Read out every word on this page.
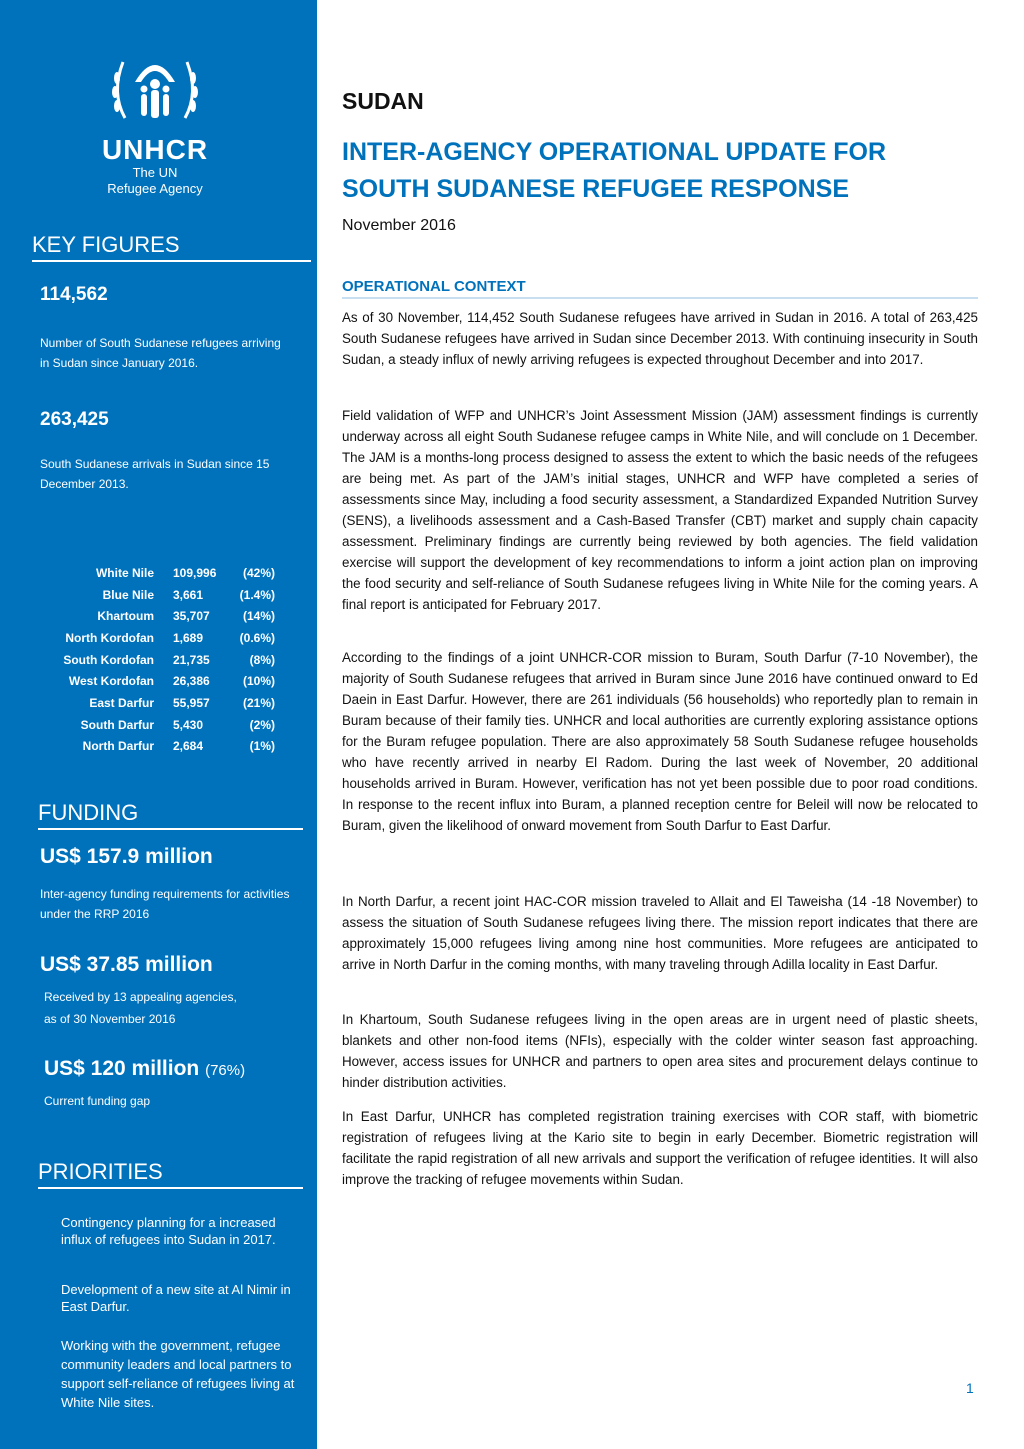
UNHCR
The UN
Refugee Agency
KEY FIGURES
114,562
Number of South Sudanese refugees arriving in Sudan since January 2016.
263,425
South Sudanese arrivals in Sudan since 15 December 2013.
White Nile	109,996	(42%)
Blue Nile	3,661	(1.4%)
Khartoum	35,707	(14%)
North Kordofan	1,689	(0.6%)
South Kordofan	21,735	(8%)
West Kordofan	26,386	(10%)
East Darfur	55,957	(21%)
South Darfur	5,430	(2%)
North Darfur	2,684	(1%)
FUNDING
US$ 157.9 million
Inter-agency funding requirements for activities under the RRP 2016
US$ 37.85 million
Received by 13 appealing agencies,
as of 30 November 2016
US$ 120 million (76%)
Current funding gap
PRIORITIES
Contingency planning for a increased influx of refugees into Sudan in 2017.
Development of a new site at Al Nimir in East Darfur.
Working with the government, refugee community leaders and local partners to support self-reliance of refugees living at White Nile sites.
SUDAN
INTER-AGENCY OPERATIONAL UPDATE FOR
SOUTH SUDANESE REFUGEE RESPONSE
November 2016
OPERATIONAL CONTEXT

As of 30 November, 114,452 South Sudanese refugees have arrived in Sudan in 2016. A total of 263,425 South Sudanese refugees have arrived in Sudan since December 2013. With continuing insecurity in South Sudan, a steady influx of newly arriving refugees is expected throughout December and into 2017.

Field validation of WFP and UNHCR’s Joint Assessment Mission (JAM) assessment findings is currently underway across all eight South Sudanese refugee camps in White Nile, and will conclude on 1 December. The JAM is a months-long process designed to assess the extent to which the basic needs of the refugees are being met. As part of the JAM’s initial stages, UNHCR and WFP have completed a series of assessments since May, including a food security assessment, a Standardized Expanded Nutrition Survey (SENS), a livelihoods assessment and a Cash-Based Transfer (CBT) market and supply chain capacity assessment. Preliminary findings are currently being reviewed by both agencies. The field validation exercise will support the development of key recommendations to inform a joint action plan on improving the food security and self-reliance of South Sudanese refugees living in White Nile for the coming years. A final report is anticipated for February 2017.

According to the findings of a joint UNHCR-COR mission to Buram, South Darfur (7-10 November), the majority of South Sudanese refugees that arrived in Buram since June 2016 have continued onward to Ed Daein in East Darfur. However, there are 261 individuals (56 households) who reportedly plan to remain in Buram because of their family ties. UNHCR and local authorities are currently exploring assistance options for the Buram refugee population. There are also approximately 58 South Sudanese refugee households who have recently arrived in nearby El Radom. During the last week of November, 20 additional households arrived in Buram. However, verification has not yet been possible due to poor road conditions. In response to the recent influx into Buram, a planned reception centre for Beleil will now be relocated to Buram, given the likelihood of onward movement from South Darfur to East Darfur.

In North Darfur, a recent joint HAC-COR mission traveled to Allait and El Taweisha (14 -18 November) to assess the situation of South Sudanese refugees living there. The mission report indicates that there are approximately 15,000 refugees living among nine host communities. More refugees are anticipated to arrive in North Darfur in the coming months, with many traveling through Adilla locality in East Darfur.

In Khartoum, South Sudanese refugees living in the open areas are in urgent need of plastic sheets, blankets and other non-food items (NFIs), especially with the colder winter season fast approaching. However, access issues for UNHCR and partners to open area sites and procurement delays continue to hinder distribution activities.

In East Darfur, UNHCR has completed registration training exercises with COR staff, with biometric registration of refugees living at the Kario site to begin in early December. Biometric registration will facilitate the rapid registration of all new arrivals and support the verification of refugee identities. It will also improve the tracking of refugee movements within Sudan.

1
